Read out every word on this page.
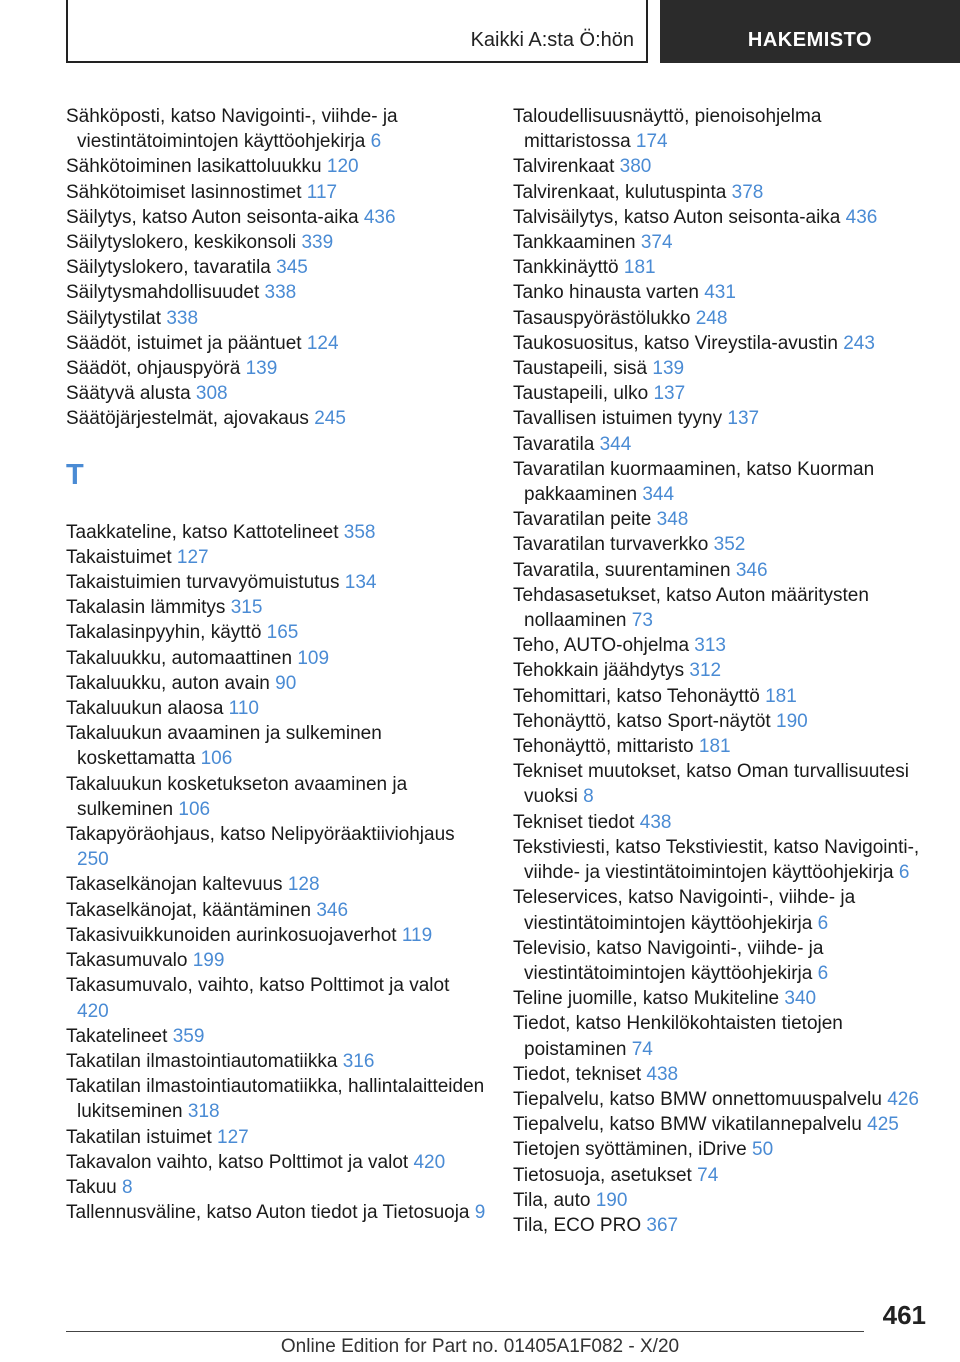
Kaikki A:sta Ö:hön	HAKEMISTO
Sähköposti, katso Navigointi-, viihde- ja viestintätoimintojen käyttöohjekirja 6
Sähkötoiminen lasikattoluukku 120
Sähkötoimiset lasinnostimet 117
Säilytys, katso Auton seisonta-aika 436
Säilytyslokero, keskikonsoli 339
Säilytyslokero, tavaratila 345
Säilytysmahdollisuudet 338
Säilytystilat 338
Säädöt, istuimet ja pääntuet 124
Säädöt, ohjauspyörä 139
Säätyvä alusta 308
Säätöjärjestelmät, ajovakaus 245
T
Taakkateline, katso Kattotelineet 358
Takaistuimet 127
Takaistuimien turvavyömuistutus 134
Takalasin lämmitys 315
Takalasinpyyhin, käyttö 165
Takaluukku, automaattinen 109
Takaluukku, auton avain 90
Takaluukun alaosa 110
Takaluukun avaaminen ja sulkeminen koskettamatta 106
Takaluukun kosketukseton avaaminen ja sulkeminen 106
Takapyöräohjaus, katso Nelipyöräaktiiviohjaus 250
Takaselkänojan kaltevuus 128
Takaselkänojat, kääntäminen 346
Takasivuikkunoiden aurinkosuojaverhot 119
Takasumuvalo 199
Takasumuvalo, vaihto, katso Polttimot ja valot 420
Takatelineet 359
Takatilan ilmastointiautomatiikka 316
Takatilan ilmastointiautomatiikka, hallintalaitteiden lukitseminen 318
Takatilan istuimet 127
Takavalon vaihto, katso Polttimot ja valot 420
Takuu 8
Tallennusväline, katso Auton tiedot ja Tietosuoja 9
Taloudellisuusnäyttö, pienoisohjelma mittaristossa 174
Talvirenkaat 380
Talvirenkaat, kulutuspinta 378
Talvisäilytys, katso Auton seisonta-aika 436
Tankkaaminen 374
Tankkinäyttö 181
Tanko hinausta varten 431
Tasauspyörästölukko 248
Taukosuositus, katso Vireystila-avustin 243
Taustapeili, sisä 139
Taustapeili, ulko 137
Tavallisen istuimen tyyny 137
Tavaratila 344
Tavaratilan kuormaaminen, katso Kuorman pakkaaminen 344
Tavaratilan peite 348
Tavaratilan turvaverkko 352
Tavaratila, suurentaminen 346
Tehdasasetukset, katso Auton määritysten nollaaminen 73
Teho, AUTO-ohjelma 313
Tehokkain jäähdytys 312
Tehomittari, katso Tehonäyttö 181
Tehonäyttö, katso Sport-näytöt 190
Tehonäyttö, mittaristo 181
Tekniset muutokset, katso Oman turvallisuutesi vuoksi 8
Tekniset tiedot 438
Tekstiviesti, katso Tekstiviestit, katso Navigointi-, viihde- ja viestintätoimintojen käyttöohjekirja 6
Teleservices, katso Navigointi-, viihde- ja viestintätoimintojen käyttöohjekirja 6
Televisio, katso Navigointi-, viihde- ja viestintätoimintojen käyttöohjekirja 6
Teline juomille, katso Mukiteline 340
Tiedot, katso Henkilökohtaisten tietojen poistaminen 74
Tiedot, tekniset 438
Tiepalvelu, katso BMW onnettomuuspalvelu 426
Tiepalvelu, katso BMW vikatilannepalvelu 425
Tietojen syöttäminen, iDrive 50
Tietosuoja, asetukset 74
Tila, auto 190
Tila, ECO PRO 367
461
Online Edition for Part no. 01405A1F082 - X/20
